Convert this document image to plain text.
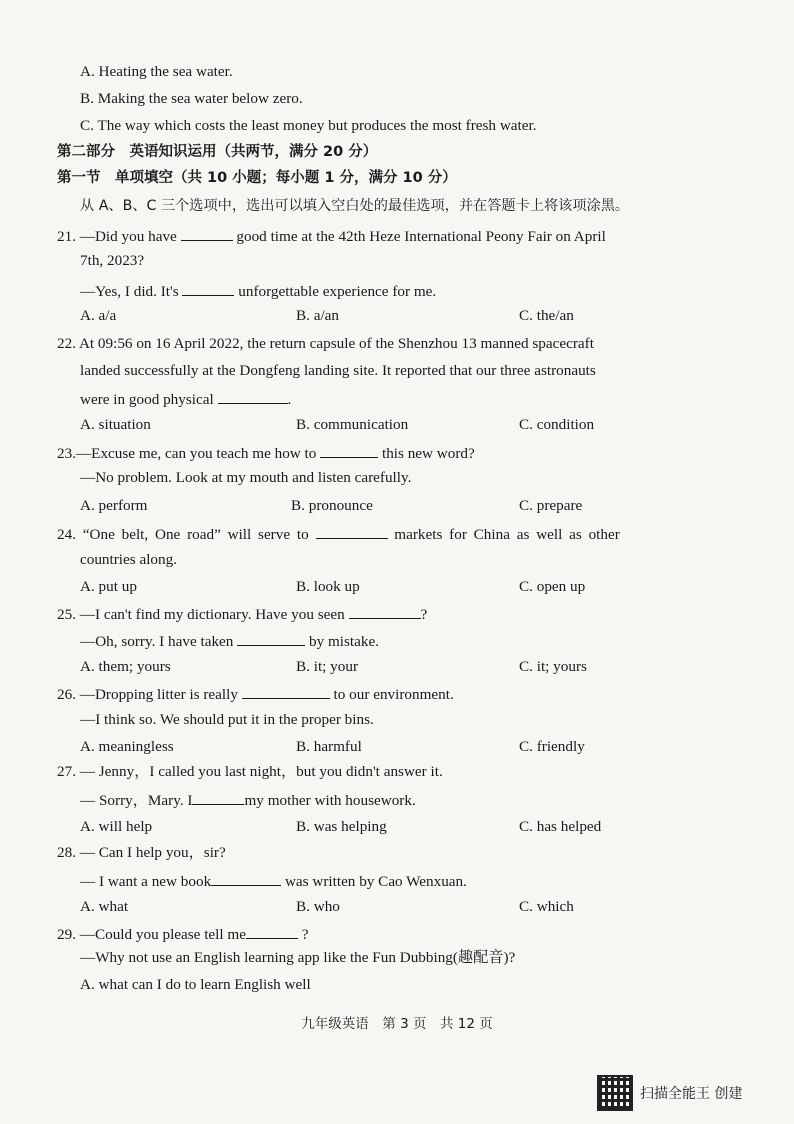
A. Heating the sea water.
B. Making the sea water below zero.
C. The way which costs the least money but produces the most fresh water.
第二部分　英语知识运用（共两节，满分 20 分）
第一节　单项填空（共 10 小题；每小题 1 分，满分 10 分）
从 A、B、C 三个选项中，选出可以填入空白处的最佳选项，并在答题卡上将该项涂黑。
21. —Did you have	good time at the 42th Heze International Peony Fair on April
7th, 2023?
—Yes, I did. It's	unforgettable experience for me.
A. a/a	B. a/an	C. the/an
22. At 09:56 on 16 April 2022, the return capsule of the Shenzhou 13 manned spacecraft
landed successfully at the Dongfeng landing site. It reported that our three astronauts
were in good physical	.
A. situation	B. communication	C. condition
23.—Excuse me, can you teach me how to	this new word?
—No problem. Look at my mouth and listen carefully.
A. perform	B. pronounce	C. prepare
24. “One belt, One road” will serve to	markets for China as well as other
countries along.
A. put up	B. look up	C. open up
25. —I can't find my dictionary. Have you seen	?
—Oh, sorry. I have taken	by mistake.
A. them; yours	B. it; your	C. it; yours
26. —Dropping litter is really	to our environment.
—I think so. We should put it in the proper bins.
A. meaningless	B. harmful	C. friendly
27. — Jenny，I called you last night，but you didn't answer it.
— Sorry，Mary. I	my mother with housework.
A. will help	B. was helping	C. has helped
28. — Can I help you，sir?
— I want a new book	was written by Cao Wenxuan.
A. what	B. who	C. which
29. —Could you please tell me	?
—Why not use an English learning app like the Fun Dubbing(趣配音)?
A. what can I do to learn English well
九年级英语　第 3 页　共 12 页
扫描全能王 创建
